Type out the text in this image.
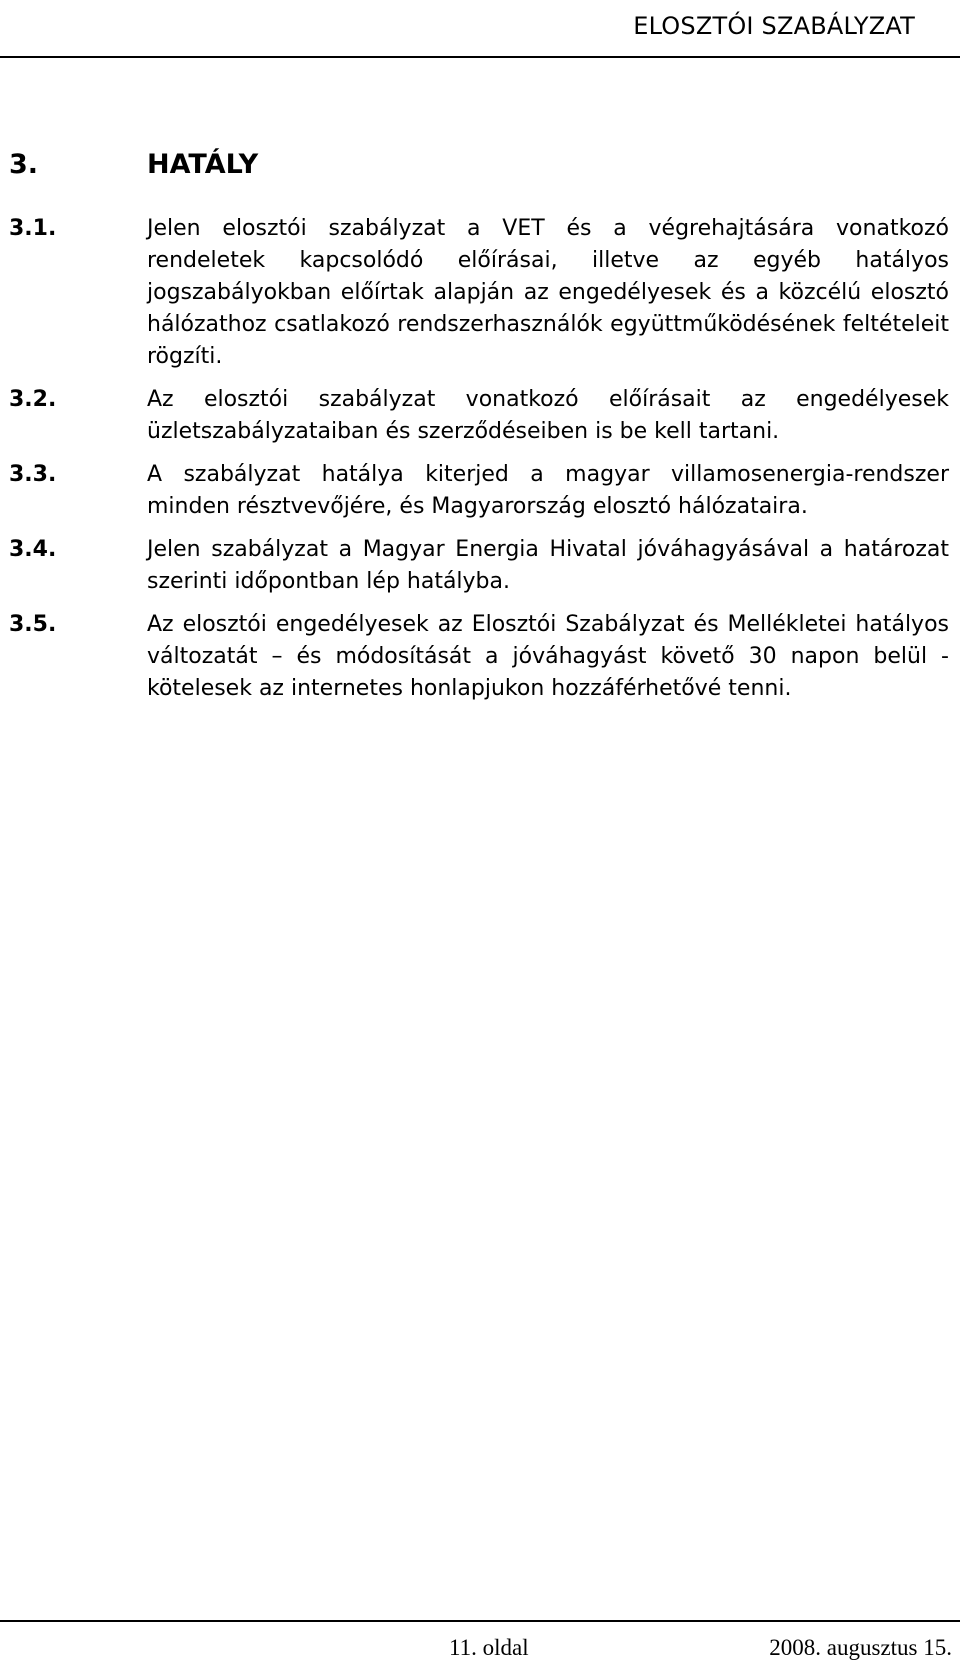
ELOSZTÓI SZABÁLYZAT
3.	HATÁLY
3.1.	Jelen elosztói szabályzat a VET és a végrehajtására vonatkozó rendeletek kapcsolódó előírásai, illetve az egyéb hatályos jogszabályokban előírtak alapján az engedélyesek és a közcélú elosztó hálózathoz csatlakozó rendszerhasználók együttműködésének feltételeit rögzíti.

3.2.	Az elosztói szabályzat vonatkozó előírásait az engedélyesek üzletszabályzataiban és szerződéseiben is be kell tartani.

3.3.	A szabályzat hatálya kiterjed a magyar villamosenergia-rendszer minden résztvevőjére, és Magyarország elosztó hálózataira.

3.4.	Jelen szabályzat a Magyar Energia Hivatal jóváhagyásával a határozat szerinti időpontban lép hatályba.

3.5.	Az elosztói engedélyesek az Elosztói Szabályzat és Mellékletei hatályos változatát – és módosítását a jóváhagyást követő 30 napon belül - kötelesek az internetes honlapjukon hozzáférhetővé tenni.

11. oldal	2008. augusztus 15.
